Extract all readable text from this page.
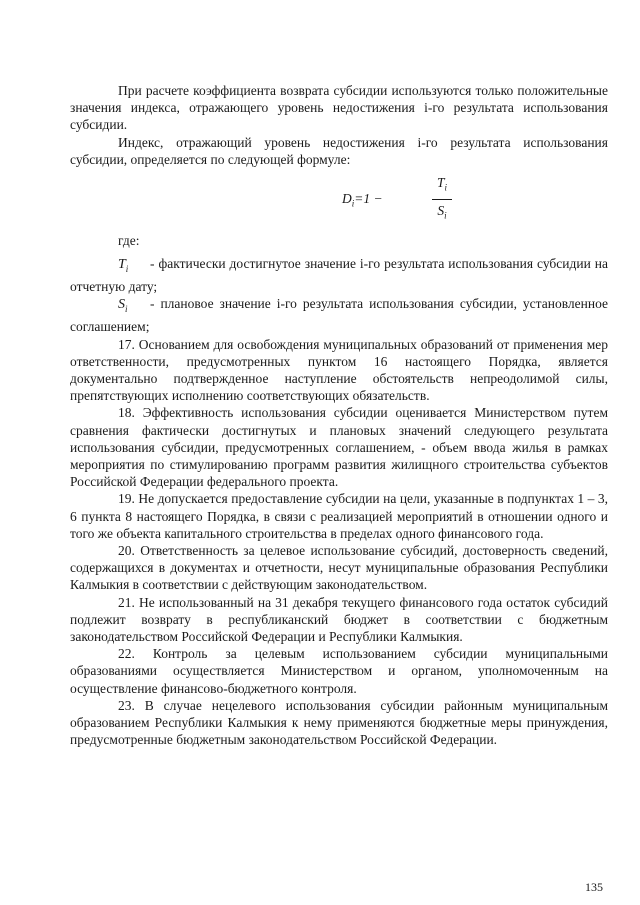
При расчете коэффициента возврата субсидии используются только положительные значения индекса, отражающего уровень недостижения i-го результата использования субсидии.

Индекс, отражающий уровень недостижения i-го результата использования субсидии, определяется по следующей формуле:

$D_i=1$ −	$\frac{T_i}{S_i}$

где:

$T_i$ - фактически достигнутое значение i-го результата использования субсидии на отчетную дату;

$S_i$ - плановое значение i-го результата использования субсидии, установленное соглашением;

17. Основанием для освобождения муниципальных образований от применения мер ответственности, предусмотренных пунктом 16 настоящего Порядка, является документально подтвержденное наступление обстоятельств непреодолимой силы, препятствующих исполнению соответствующих обязательств.

18. Эффективность использования субсидии оценивается Министерством путем сравнения фактически достигнутых и плановых значений следующего результата использования субсидии, предусмотренных соглашением, - объем ввода жилья в рамках мероприятия по стимулированию программ развития жилищного строительства субъектов Российской Федерации федерального проекта.

19. Не допускается предоставление субсидии на цели, указанные в подпунктах 1 – 3, 6 пункта 8 настоящего Порядка, в связи с реализацией мероприятий в отношении одного и того же объекта капитального строительства в пределах одного финансового года.

20. Ответственность за целевое использование субсидий, достоверность сведений, содержащихся в документах и отчетности, несут муниципальные образования Республики Калмыкия в соответствии с действующим законодательством.

21. Не использованный на 31 декабря текущего финансового года остаток субсидий подлежит возврату в республиканский бюджет в соответствии с бюджетным законодательством Российской Федерации и Республики Калмыкия.

22. Контроль за целевым использованием субсидии муниципальными образованиями осуществляется Министерством и органом, уполномоченным на осуществление финансово-бюджетного контроля.

23. В случае нецелевого использования субсидии районным муниципальным образованием Республики Калмыкия к нему применяются бюджетные меры принуждения, предусмотренные бюджетным законодательством Российской Федерации.

135
